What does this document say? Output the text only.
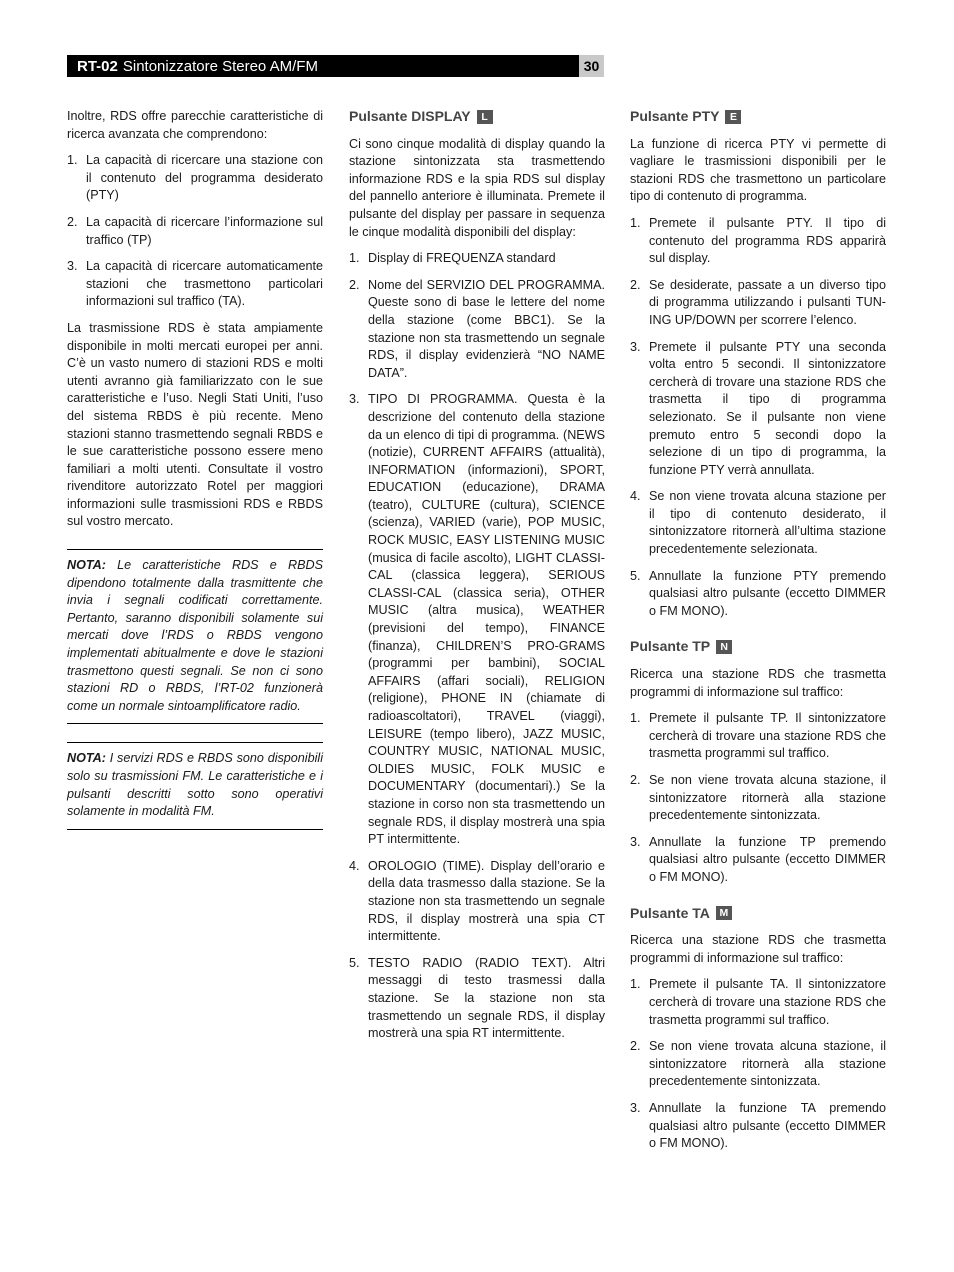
RT-02 Sintonizzatore Stereo AM/FM	30

Inoltre, RDS offre parecchie caratteristiche di ricerca avanzata che comprendono:

1. La capacità di ricercare una stazione con il contenuto del programma desiderato (PTY)
2. La capacità di ricercare l’informazione sul traffico (TP)
3. La capacità di ricercare automaticamente stazioni che trasmettono particolari informazioni sul traffico (TA).

La trasmissione RDS è stata ampiamente disponibile in molti mercati europei per anni. C’è un vasto numero di stazioni RDS e molti utenti avranno già familiarizzato con le sue caratteristiche e l’uso. Negli Stati Uniti, l’uso del sistema RBDS è più recente. Meno stazioni stanno trasmettendo segnali RBDS e le sue caratteristiche possono essere meno familiari a molti utenti. Consultate il vostro rivenditore autorizzato Rotel per maggiori informazioni sulle trasmissioni RDS e RBDS sul vostro mercato.

NOTA: Le caratteristiche RDS e RBDS dipendono totalmente dalla trasmittente che invia i segnali codificati correttamente. Pertanto, saranno disponibili solamente sui mercati dove l’RDS o RBDS vengono implementati abitualmente e dove le stazioni trasmettono questi segnali. Se non ci sono stazioni RD o RBDS, l’RT-02 funzionerà come un normale sintoamplificatore radio.
NOTA: I servizi RDS e RBDS sono disponibili solo su trasmissioni FM. Le caratteristiche e i pulsanti descritti sotto sono operativi solamente in modalità FM.
Pulsante DISPLAY	L

Ci sono cinque modalità di display quando la stazione sintonizzata sta trasmettendo informazione RDS e la spia RDS sul display del pannello anteriore è illuminata. Premete il pulsante del display per passare in sequenza le cinque modalità disponibili del display:

1. Display di FREQUENZA standard
2. Nome del SERVIZIO DEL PROGRAMMA. Queste sono di base le lettere del nome della stazione (come BBC1). Se la stazione non sta trasmettendo un segnale RDS, il display evidenzierà “NO NAME DATA”.
3. TIPO DI PROGRAMMA. Questa è la descrizione del contenuto della stazione da un elenco di tipi di programma. (NEWS (notizie), CURRENT AFFAIRS (attualità), INFORMATION (informazioni), SPORT, EDUCATION (educazione), DRAMA (teatro), CULTURE (cultura), SCIENCE (scienza), VARIED (varie), POP MUSIC, ROCK MUSIC, EASY LISTENING MUSIC (musica di facile ascolto), LIGHT CLASSI-CAL (classica leggera), SERIOUS CLASSI-CAL (classica seria), OTHER MUSIC (altra musica), WEATHER (previsioni del tempo), FINANCE (finanza), CHILDREN’S PRO-GRAMS (programmi per bambini), SOCIAL AFFAIRS (affari sociali), RELIGION (religione), PHONE IN (chiamate di radioascoltatori), TRAVEL (viaggi), LEISURE (tempo libero), JAZZ MUSIC, COUNTRY MUSIC, NATIONAL MUSIC, OLDIES MUSIC, FOLK MUSIC e DOCUMENTARY (documentari).) Se la stazione in corso non sta trasmettendo un segnale RDS, il display mostrerà una spia PT intermittente.
4. OROLOGIO (TIME). Display dell’orario e della data trasmesso dalla stazione. Se la stazione non sta trasmettendo un segnale RDS, il display mostrerà una spia CT intermittente.
5. TESTO RADIO (RADIO TEXT). Altri messaggi di testo trasmessi dalla stazione. Se la stazione non sta trasmettendo un segnale RDS, il display mostrerà una spia RT intermittente.
Pulsante PTY E

La funzione di ricerca PTY vi permette di vagliare le trasmissioni disponibili per le stazioni RDS che trasmettono un particolare tipo di contenuto di programma.

1. Premete il pulsante PTY. Il tipo di contenuto del programma RDS apparirà sul display.
2. Se desiderate, passate a un diverso tipo di programma utilizzando i pulsanti TUN-ING UP/DOWN per scorrere l’elenco.
3. Premete il pulsante PTY una seconda volta entro 5 secondi. Il sintonizzatore cercherà di trovare una stazione RDS che trasmetta il tipo di programma selezionato. Se il pulsante non viene premuto entro 5 secondi dopo la selezione di un tipo di programma, la funzione PTY verrà annullata.
4. Se non viene trovata alcuna stazione per il tipo di contenuto desiderato, il sintonizzatore ritornerà all’ultima stazione precedentemente selezionata.
5. Annullate la funzione PTY premendo qualsiasi altro pulsante (eccetto DIMMER o FM MONO).
Pulsante TP N

Ricerca una stazione RDS che trasmetta programmi di informazione sul traffico:

1. Premete il pulsante TP. Il sintonizzatore cercherà di trovare una stazione RDS che trasmetta programmi sul traffico.
2. Se non viene trovata alcuna stazione, il sintonizzatore ritornerà alla stazione precedentemente sintonizzata.
3. Annullate la funzione TP premendo qualsiasi altro pulsante (eccetto DIMMER o FM MONO).
Pulsante TA M

Ricerca una stazione RDS che trasmetta programmi di informazione sul traffico:

1. Premete il pulsante TA. Il sintonizzatore cercherà di trovare una stazione RDS che trasmetta programmi sul traffico.
2. Se non viene trovata alcuna stazione, il sintonizzatore ritornerà alla stazione precedentemente sintonizzata.
3. Annullate la funzione TA premendo qualsiasi altro pulsante (eccetto DIMMER o FM MONO).
